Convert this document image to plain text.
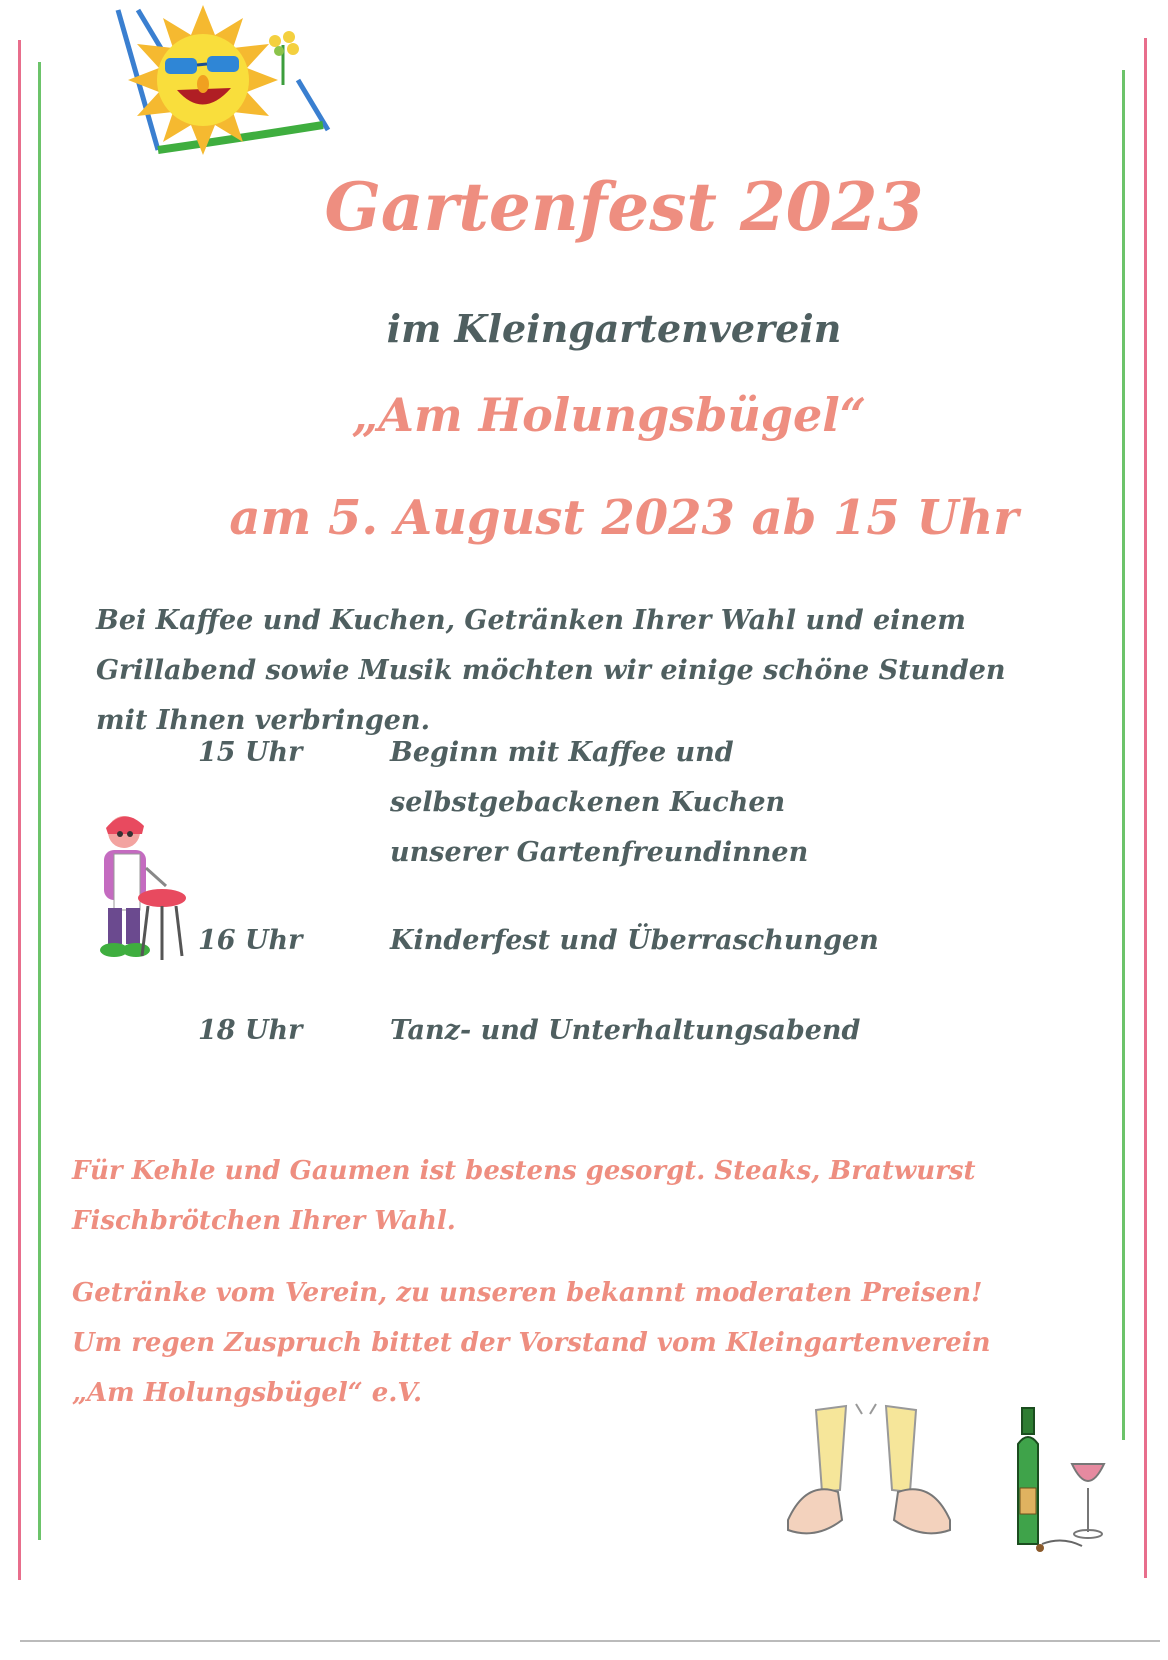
Gartenfest 2023
im Kleingartenverein
„Am Holungsbügel“
am 5. August 2023 ab 15 Uhr

Bei Kaffee und Kuchen, Getränken Ihrer Wahl und einem
Grillabend sowie Musik möchten wir einige schöne Stunden
mit Ihnen verbringen.

15 Uhr	Beginn mit Kaffee und
selbstgebackenen Kuchen
unserer Gartenfreundinnen
16 Uhr	Kinderfest und Überraschungen
18 Uhr	Tanz- und Unterhaltungsabend
Für Kehle und Gaumen ist bestens gesorgt. Steaks, Bratwurst
Fischbrötchen Ihrer Wahl.
Getränke vom Verein, zu unseren bekannt moderaten Preisen!
Um regen Zuspruch bittet der Vorstand vom Kleingartenverein
„Am Holungsbügel“ e.V.
